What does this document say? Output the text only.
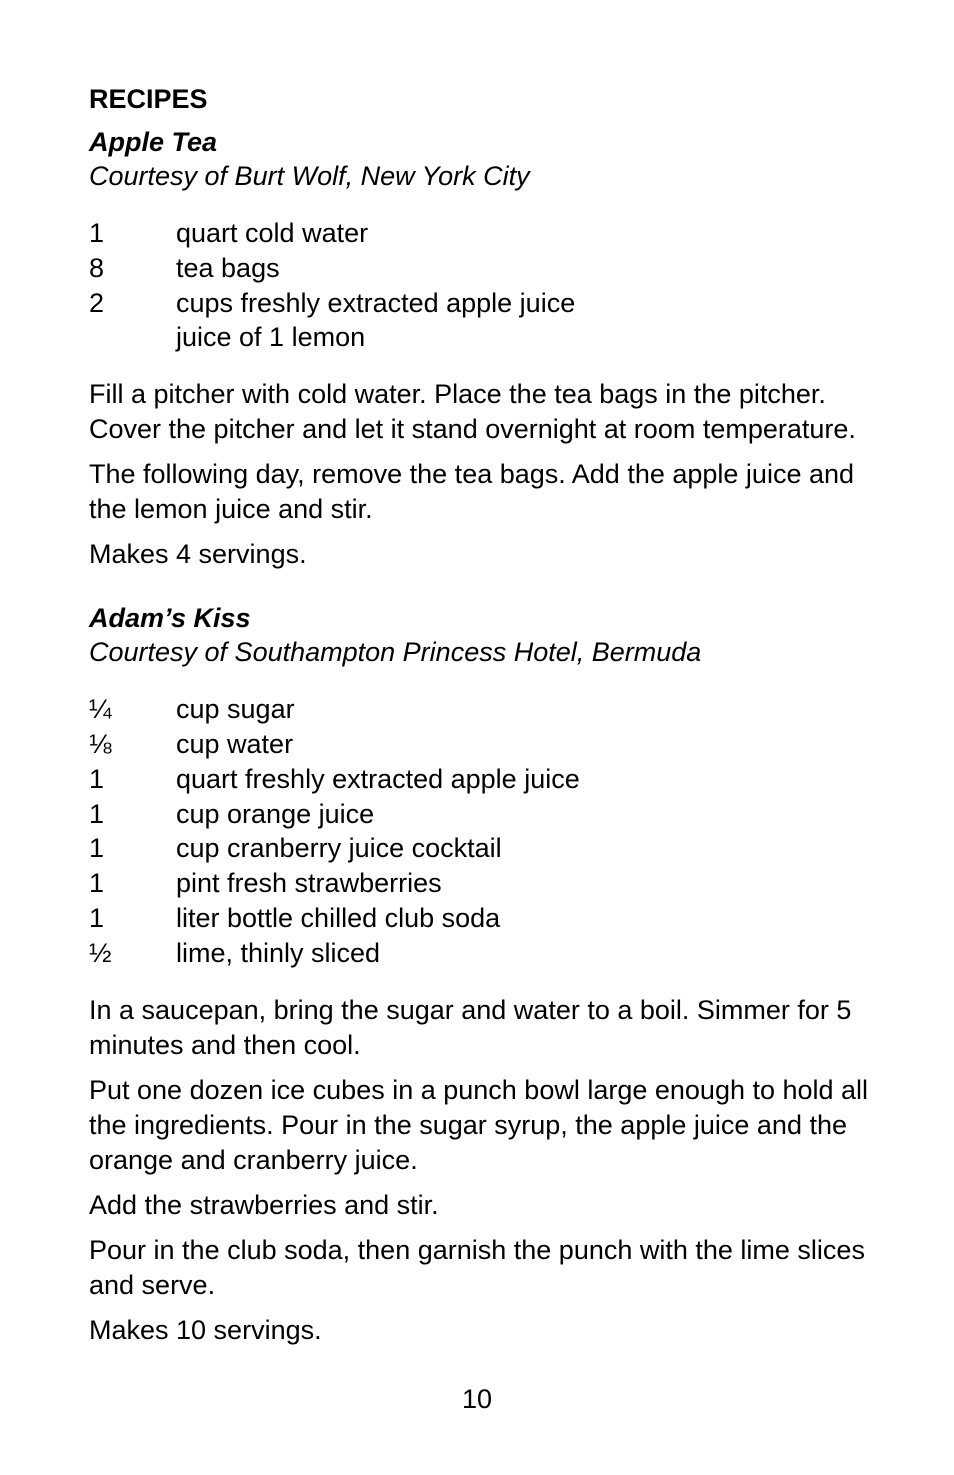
RECIPES
Apple Tea
Courtesy of Burt Wolf, New York City
1	quart cold water
8	tea bags
2	cups freshly extracted apple juice
juice of 1 lemon

Fill a pitcher with cold water. Place the tea bags in the pitcher. Cover the pitcher and let it stand overnight at room temperature.

The following day, remove the tea bags. Add the apple juice and the lemon juice and stir.

Makes 4 servings.

Adam’s Kiss
Courtesy of Southampton Princess Hotel, Bermuda
¼	cup sugar
⅛	cup water
1	quart freshly extracted apple juice
1	cup orange juice
1	cup cranberry juice cocktail
1	pint fresh strawberries
1	liter bottle chilled club soda
½	lime, thinly sliced

In a saucepan, bring the sugar and water to a boil. Simmer for 5 minutes and then cool.

Put one dozen ice cubes in a punch bowl large enough to hold all the ingredients. Pour in the sugar syrup, the apple juice and the orange and cranberry juice.

Add the strawberries and stir.

Pour in the club soda, then garnish the punch with the lime slices and serve.

Makes 10 servings.

10
